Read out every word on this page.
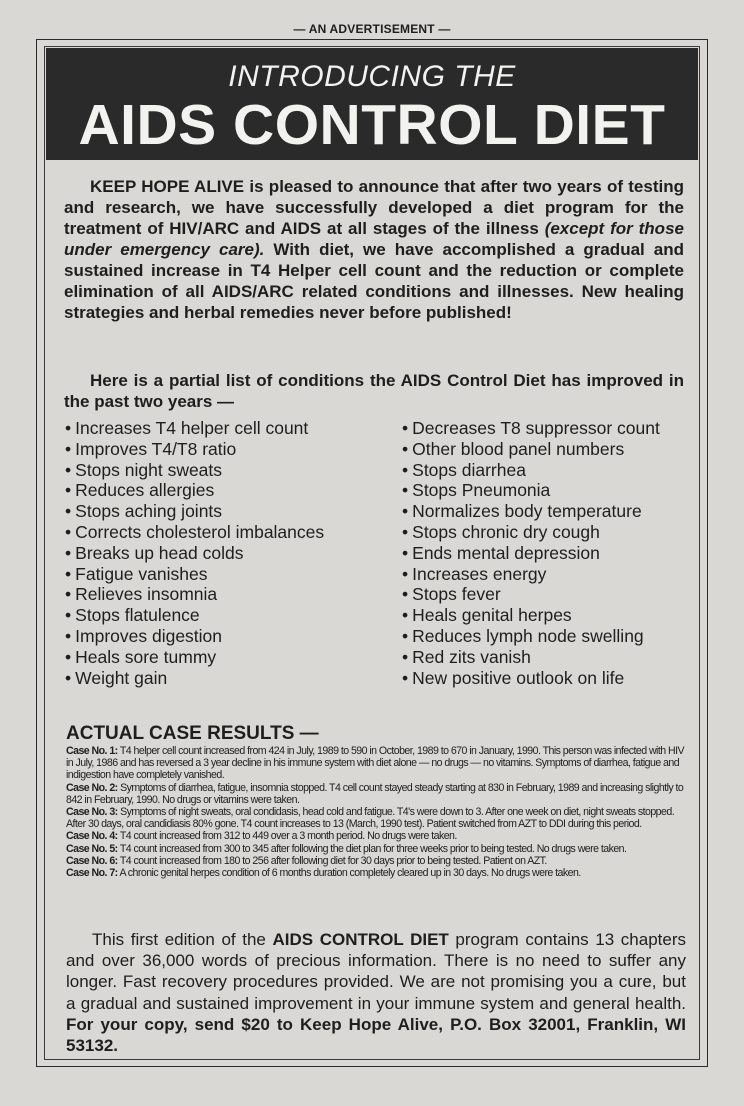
— AN ADVERTISEMENT —
INTRODUCING THE
AIDS CONTROL DIET
KEEP HOPE ALIVE is pleased to announce that after two years of testing and research, we have successfully developed a diet program for the treatment of HIV/ARC and AIDS at all stages of the illness (except for those under emergency care). With diet, we have accomplished a gradual and sustained increase in T4 Helper cell count and the reduction or complete elimination of all AIDS/ARC related conditions and illnesses. New healing strategies and herbal remedies never before published!
Here is a partial list of conditions the AIDS Control Diet has improved in the past two years —
• Increases T4 helper cell count
• Improves T4/T8 ratio
• Stops night sweats
• Reduces allergies
• Stops aching joints
• Corrects cholesterol imbalances
• Breaks up head colds
• Fatigue vanishes
• Relieves insomnia
• Stops flatulence
• Improves digestion
• Heals sore tummy
• Weight gain
• Decreases T8 suppressor count
• Other blood panel numbers
• Stops diarrhea
• Stops Pneumonia
• Normalizes body temperature
• Stops chronic dry cough
• Ends mental depression
• Increases energy
• Stops fever
• Heals genital herpes
• Reduces lymph node swelling
• Red zits vanish
• New positive outlook on life
ACTUAL CASE RESULTS —

Case No. 1: T4 helper cell count increased from 424 in July, 1989 to 590 in October, 1989 to 670 in January, 1990. This person was infected with HIV in July, 1986 and has reversed a 3 year decline in his immune system with diet alone — no drugs — no vitamins. Symptoms of diarrhea, fatigue and indigestion have completely vanished.

Case No. 2: Symptoms of diarrhea, fatigue, insomnia stopped. T4 cell count stayed steady starting at 830 in February, 1989 and increasing slightly to 842 in February, 1990. No drugs or vitamins were taken.

Case No. 3: Symptoms of night sweats, oral condidasis, head cold and fatigue. T4's were down to 3. After one week on diet, night sweats stopped. After 30 days, oral candidiasis 80% gone. T4 count increases to 13 (March, 1990 test). Patient switched from AZT to DDI during this period.

Case No. 4: T4 count increased from 312 to 449 over a 3 month period. No drugs were taken.

Case No. 5: T4 count increased from 300 to 345 after following the diet plan for three weeks prior to being tested. No drugs were taken.

Case No. 6: T4 count increased from 180 to 256 after following diet for 30 days prior to being tested. Patient on AZT.

Case No. 7: A chronic genital herpes condition of 6 months duration completely cleared up in 30 days. No drugs were taken.

This first edition of the AIDS CONTROL DIET program contains 13 chapters and over 36,000 words of precious information. There is no need to suffer any longer. Fast recovery procedures provided. We are not promising you a cure, but a gradual and sustained improvement in your immune system and general health. For your copy, send $20 to Keep Hope Alive, P.O. Box 32001, Franklin, WI 53132.
